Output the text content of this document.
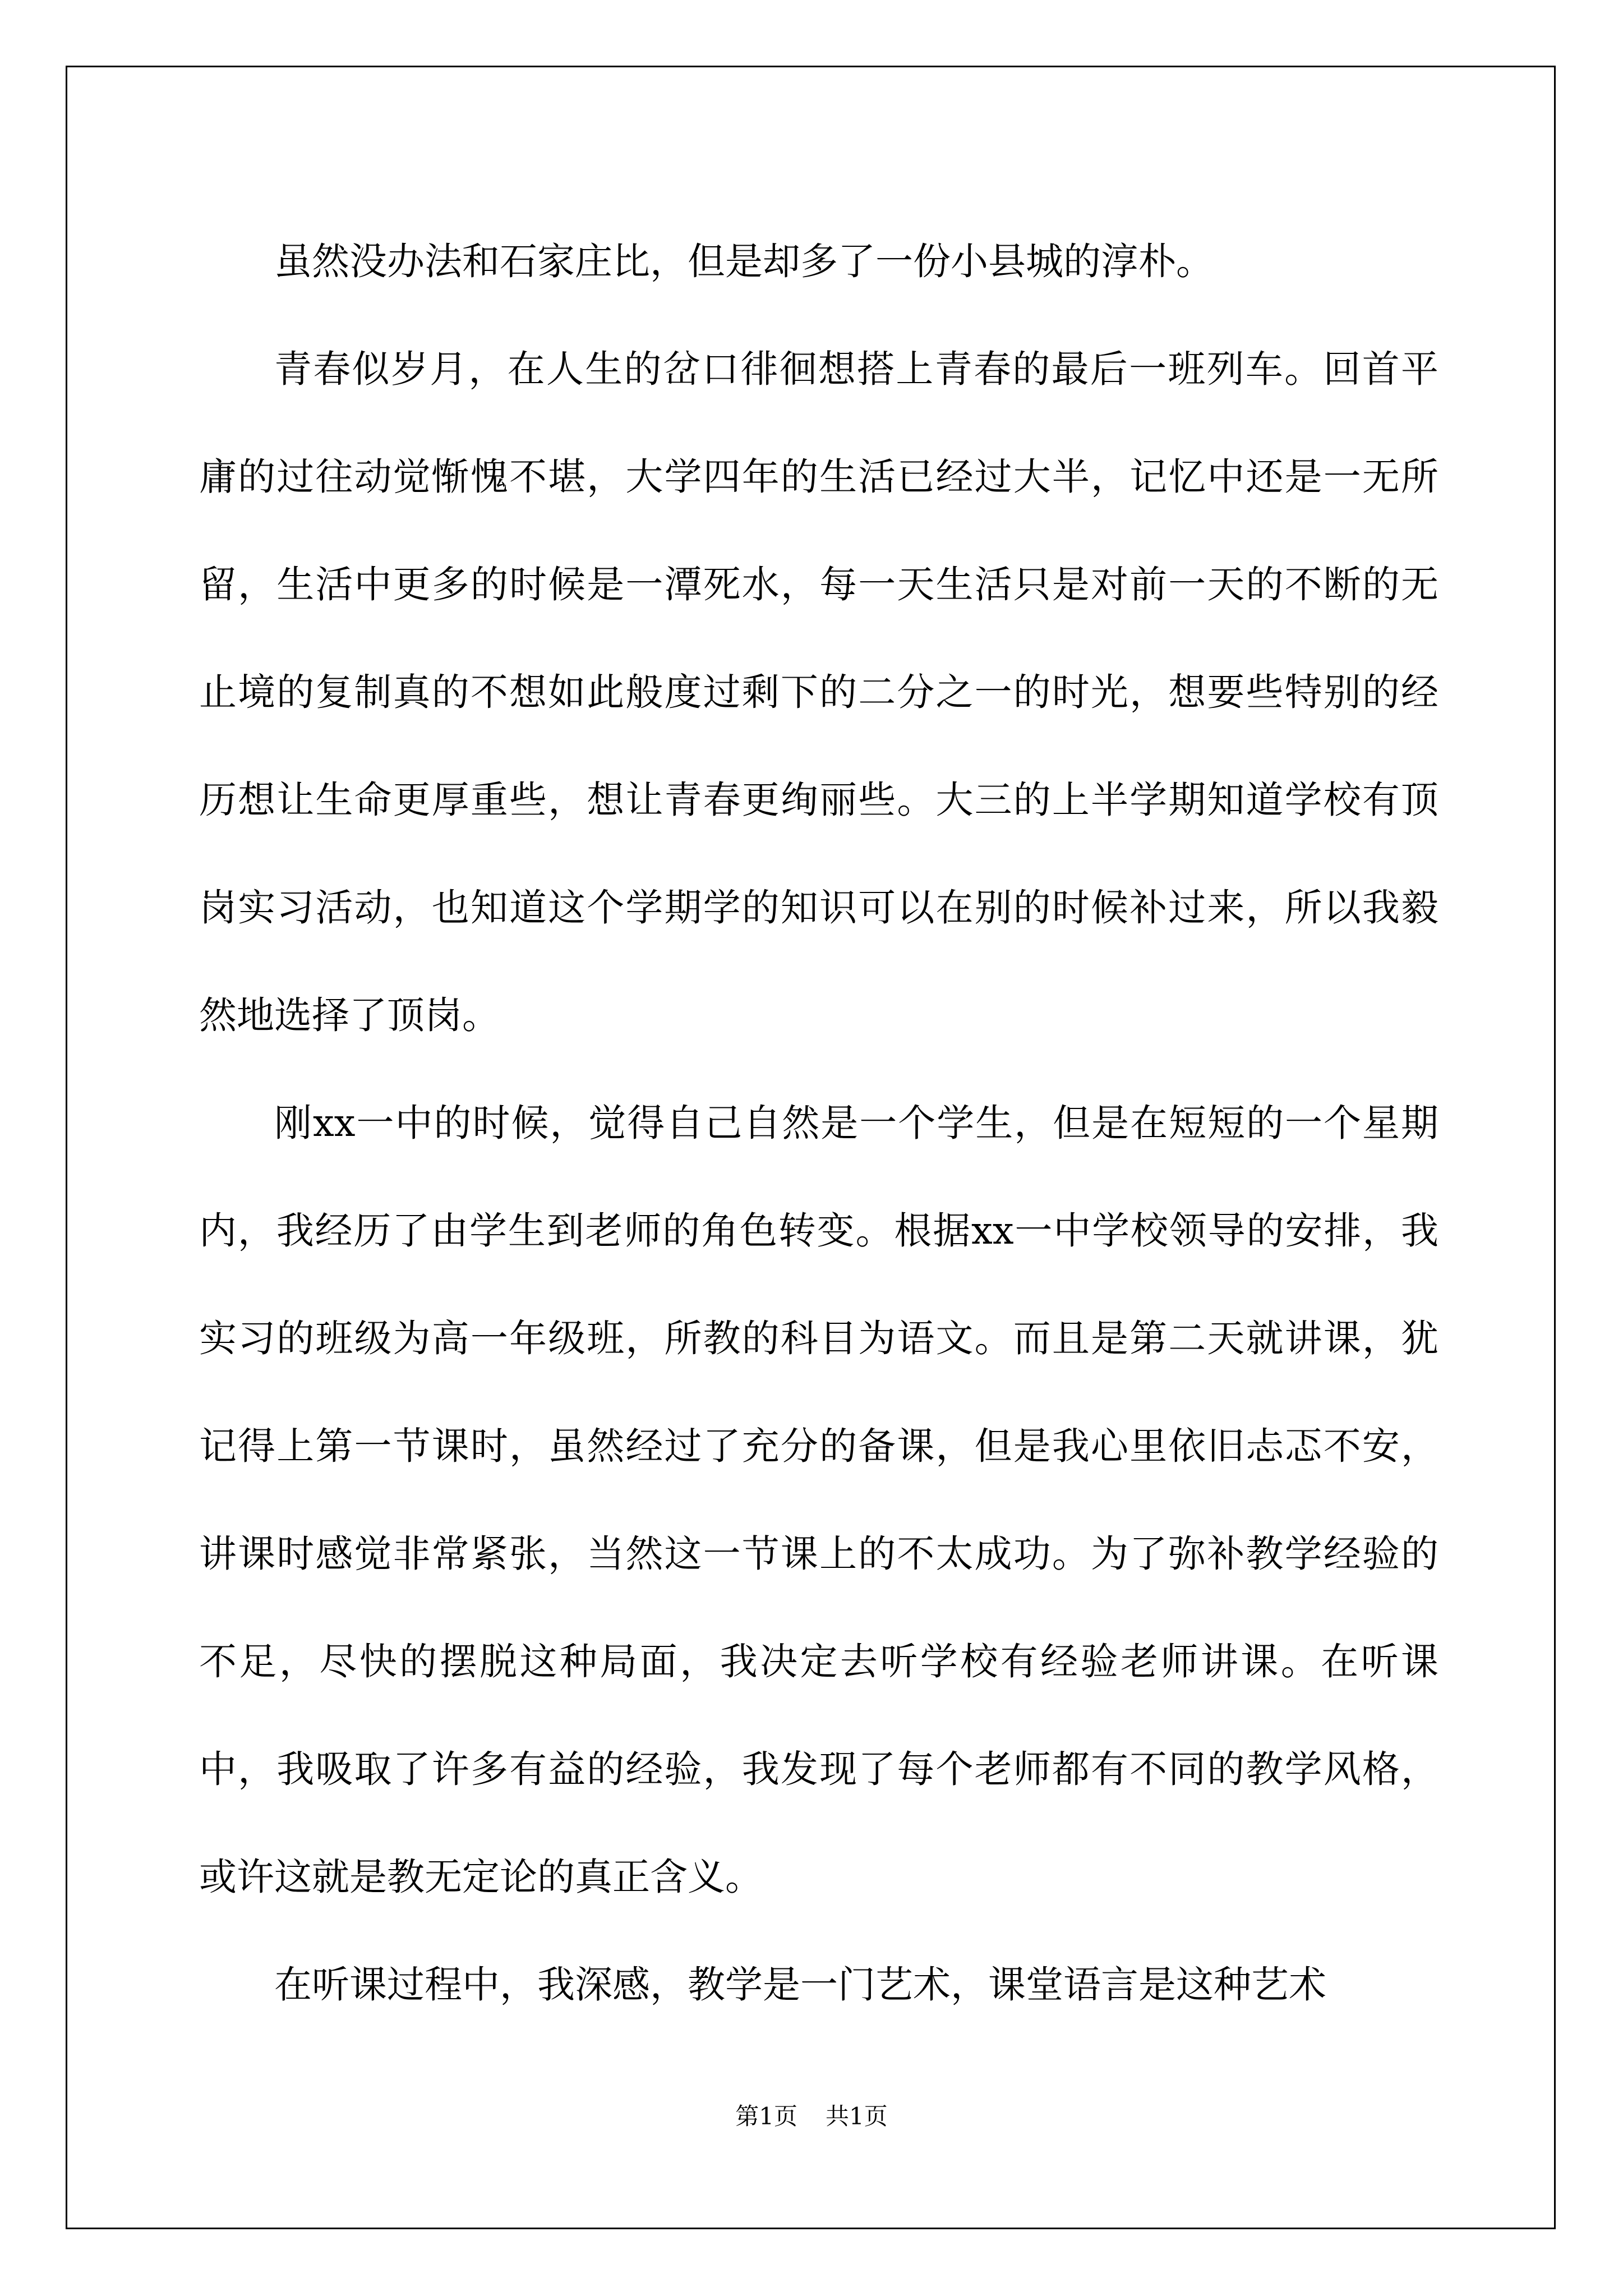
虽然没办法和石家庄比，但是却多了一份小县城的淳朴。

青春似岁月，在人生的岔口徘徊想搭上青春的最后一班列车。回首平庸的过往动觉惭愧不堪，大学四年的生活已经过大半，记忆中还是一无所留，生活中更多的时候是一潭死水，每一天生活只是对前一天的不断的无止境的复制真的不想如此般度过剩下的二分之一的时光，想要些特别的经历想让生命更厚重些，想让青春更绚丽些。大三的上半学期知道学校有顶岗实习活动，也知道这个学期学的知识可以在别的时候补过来，所以我毅然地选择了顶岗。

刚xx一中的时候，觉得自己自然是一个学生，但是在短短的一个星期内，我经历了由学生到老师的角色转变。根据xx一中学校领导的安排，我实习的班级为高一年级班，所教的科目为语文。而且是第二天就讲课，犹记得上第一节课时，虽然经过了充分的备课，但是我心里依旧忐忑不安，讲课时感觉非常紧张，当然这一节课上的不太成功。为了弥补教学经验的不足，尽快的摆脱这种局面，我决定去听学校有经验老师讲课。在听课中，我吸取了许多有益的经验，我发现了每个老师都有不同的教学风格，或许这就是教无定论的真正含义。

在听课过程中，我深感，教学是一门艺术，课堂语言是这种艺术

第1页 共1页
